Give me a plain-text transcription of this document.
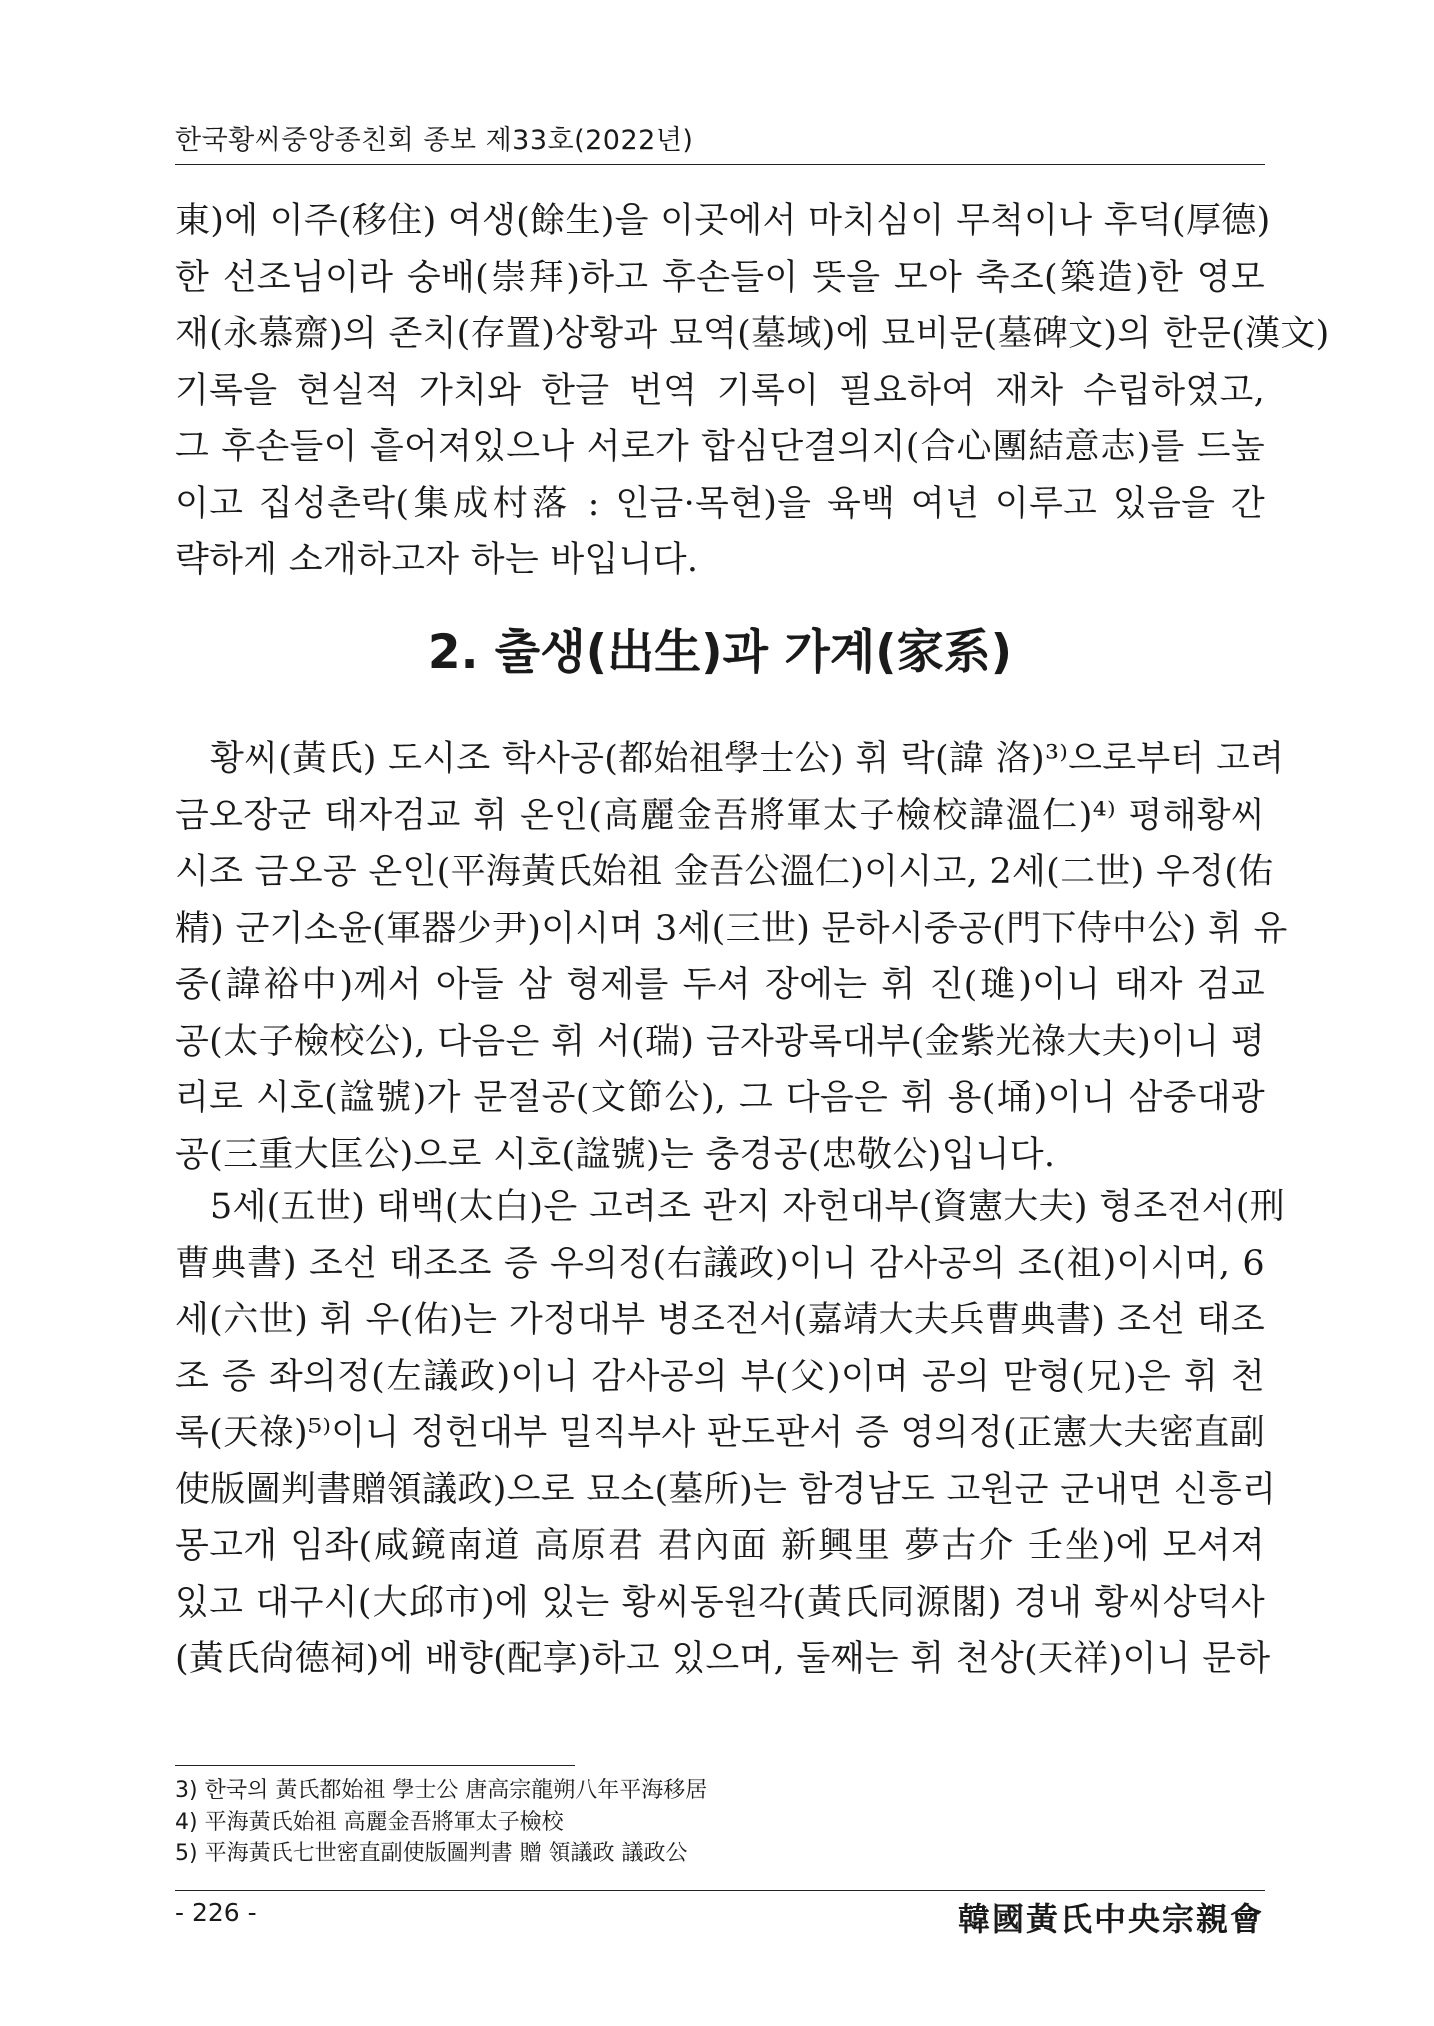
한국황씨중앙종친회 종보 제33호(2022년)
東)에 이주(移住) 여생(餘生)을 이곳에서 마치심이 무척이나 후덕(厚德)
한 선조님이라 숭배(崇拜)하고 후손들이 뜻을 모아 축조(築造)한 영모
재(永慕齋)의 존치(存置)상황과 묘역(墓域)에 묘비문(墓碑文)의 한문(漢文)
기록을 현실적 가치와 한글 번역 기록이 필요하여 재차 수립하였고,
그 후손들이 흩어져있으나 서로가 합심단결의지(合心團結意志)를 드높
이고 집성촌락(集成村落 : 인금·목현)을 육백 여년 이루고 있음을 간
략하게 소개하고자 하는 바입니다.
2. 출생(出生)과 가계(家系)
황씨(黃氏) 도시조 학사공(都始祖學士公) 휘 락(諱 洛)³⁾으로부터 고려
금오장군 태자검교 휘 온인(高麗金吾將軍太子檢校諱溫仁)⁴⁾ 평해황씨
시조 금오공 온인(平海黃氏始祖 金吾公溫仁)이시고, 2세(二世) 우정(佑
精) 군기소윤(軍器少尹)이시며 3세(三世) 문하시중공(門下侍中公) 휘 유
중(諱裕中)께서 아들 삼 형제를 두셔 장에는 휘 진(璡)이니 태자 검교
공(太子檢校公), 다음은 휘 서(瑞) 금자광록대부(金紫光祿大夫)이니 평
리로 시호(諡號)가 문절공(文節公), 그 다음은 휘 용(埇)이니 삼중대광
공(三重大匡公)으로 시호(諡號)는 충경공(忠敬公)입니다.
5세(五世) 태백(太白)은 고려조 관지 자헌대부(資憲大夫) 형조전서(刑
曹典書) 조선 태조조 증 우의정(右議政)이니 감사공의 조(祖)이시며, 6
세(六世) 휘 우(佑)는 가정대부 병조전서(嘉靖大夫兵曹典書) 조선 태조
조 증 좌의정(左議政)이니 감사공의 부(父)이며 공의 맏형(兄)은 휘 천
록(天祿)⁵⁾이니 정헌대부 밀직부사 판도판서 증 영의정(正憲大夫密直副
使版圖判書贈領議政)으로 묘소(墓所)는 함경남도 고원군 군내면 신흥리
몽고개 임좌(咸鏡南道 高原君 君內面 新興里 夢古介 壬坐)에 모셔져
있고 대구시(大邱市)에 있는 황씨동원각(黃氏同源閣) 경내 황씨상덕사
(黃氏尙德祠)에 배향(配享)하고 있으며, 둘째는 휘 천상(天祥)이니 문하
3) 한국의 黃氏都始祖 學士公 唐高宗龍朔八年平海移居
4) 平海黃氏始祖 高麗金吾將軍太子檢校
5) 平海黃氏七世密直副使版圖判書 贈 領議政 議政公
- 226 -	韓國黃氏中央宗親會
